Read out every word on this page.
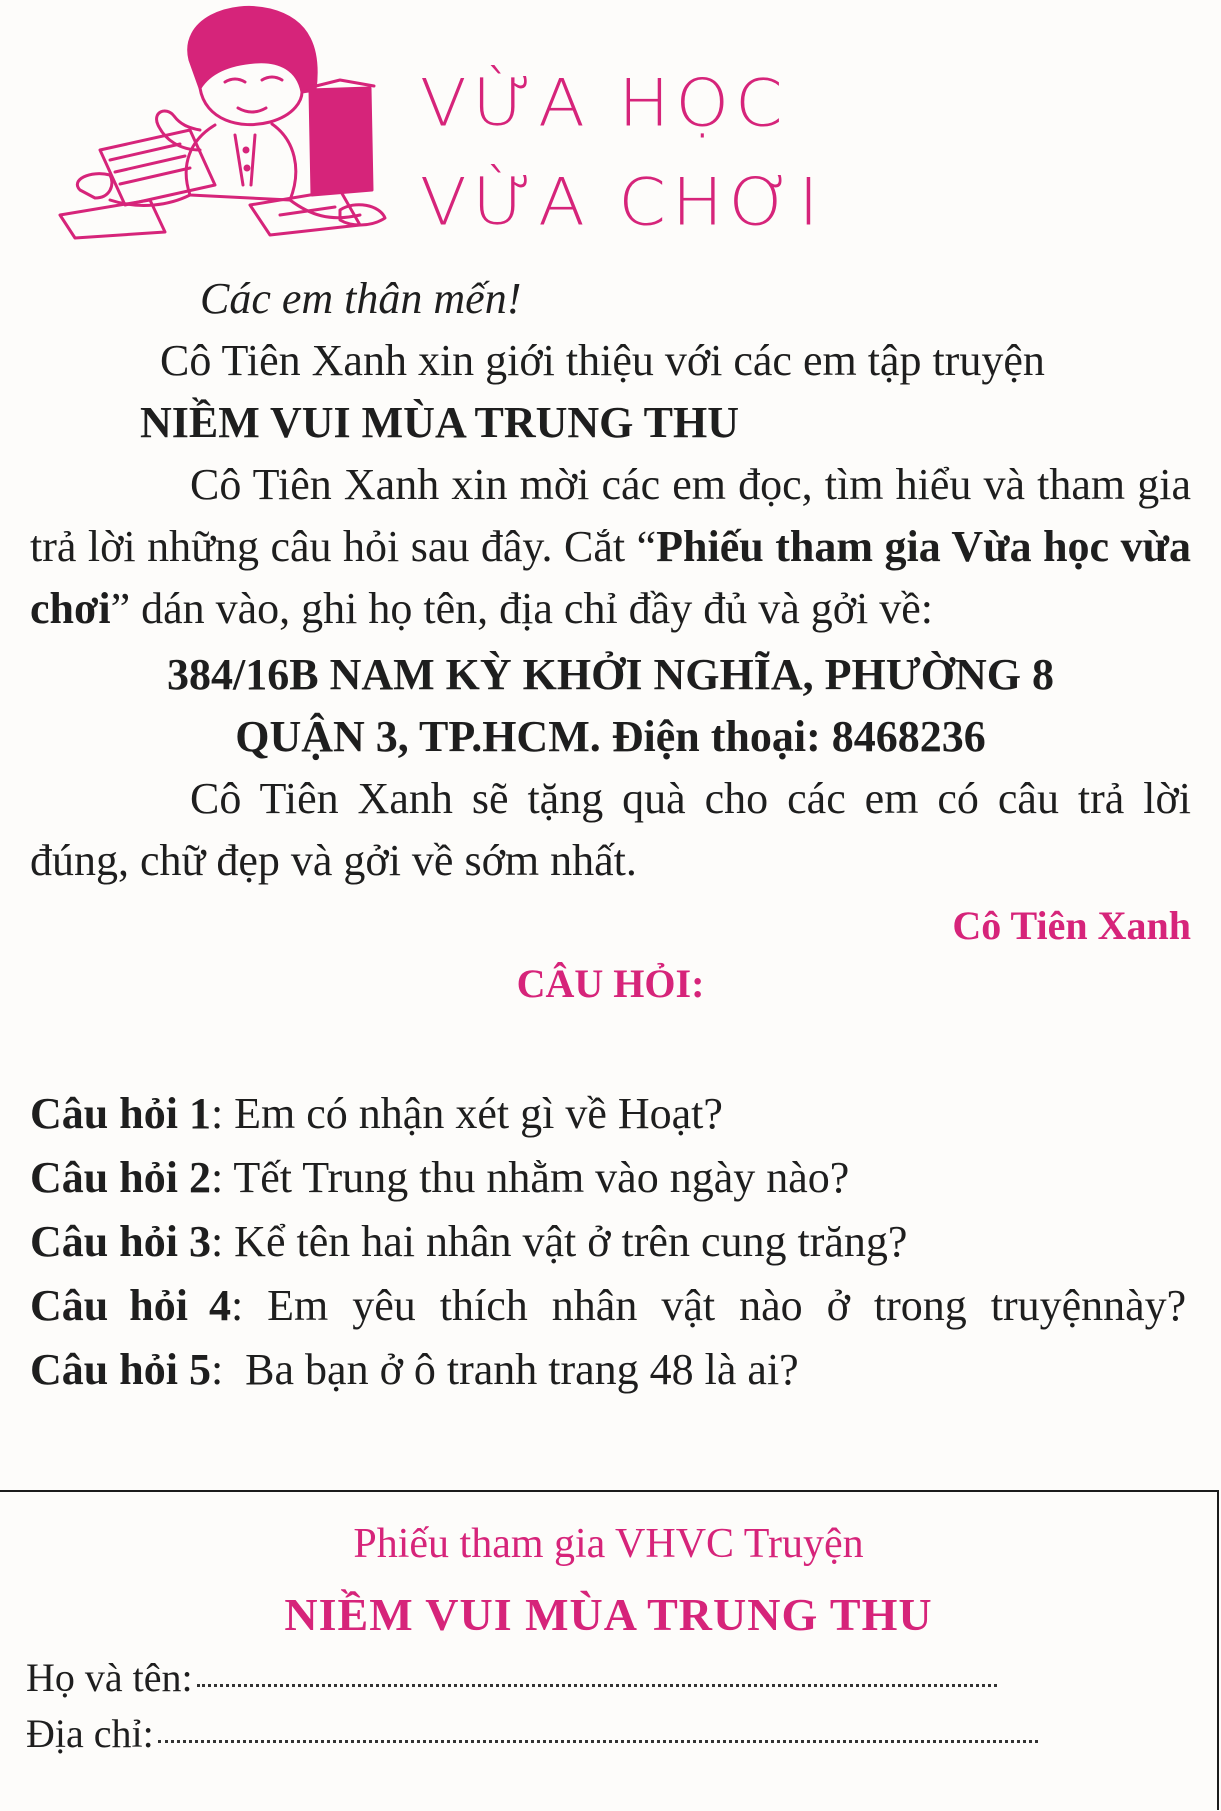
VỪA HỌC
VỪA CHƠI

Các em thân mến!

Cô Tiên Xanh xin giới thiệu với các em tập truyện

NIỀM VUI MÙA TRUNG THU

Cô Tiên Xanh xin mời các em đọc, tìm hiểu và tham gia trả lời những câu hỏi sau đây. Cắt “Phiếu tham gia Vừa học vừa chơi” dán vào, ghi họ tên, địa chỉ đầy đủ và gởi về:

384/16B NAM KỲ KHỞI NGHĨA, PHƯỜNG 8

QUẬN 3, TP.HCM. Điện thoại: 8468236

Cô Tiên Xanh sẽ tặng quà cho các em có câu trả lời đúng, chữ đẹp và gởi về sớm nhất.

Cô Tiên Xanh

CÂU HỎI:

Câu hỏi 1: Em có nhận xét gì về Hoạt?

Câu hỏi 2: Tết Trung thu nhằm vào ngày nào?

Câu hỏi 3: Kể tên hai nhân vật ở trên cung trăng?

Câu hỏi 4: Em yêu thích nhân vật nào ở trong truyệnnày?

Câu hỏi 5:  Ba bạn ở ô tranh trang 48 là ai?

Phiếu tham gia VHVC Truyện
NIỀM VUI MÙA TRUNG THU
Họ và tên:
Địa chỉ:
